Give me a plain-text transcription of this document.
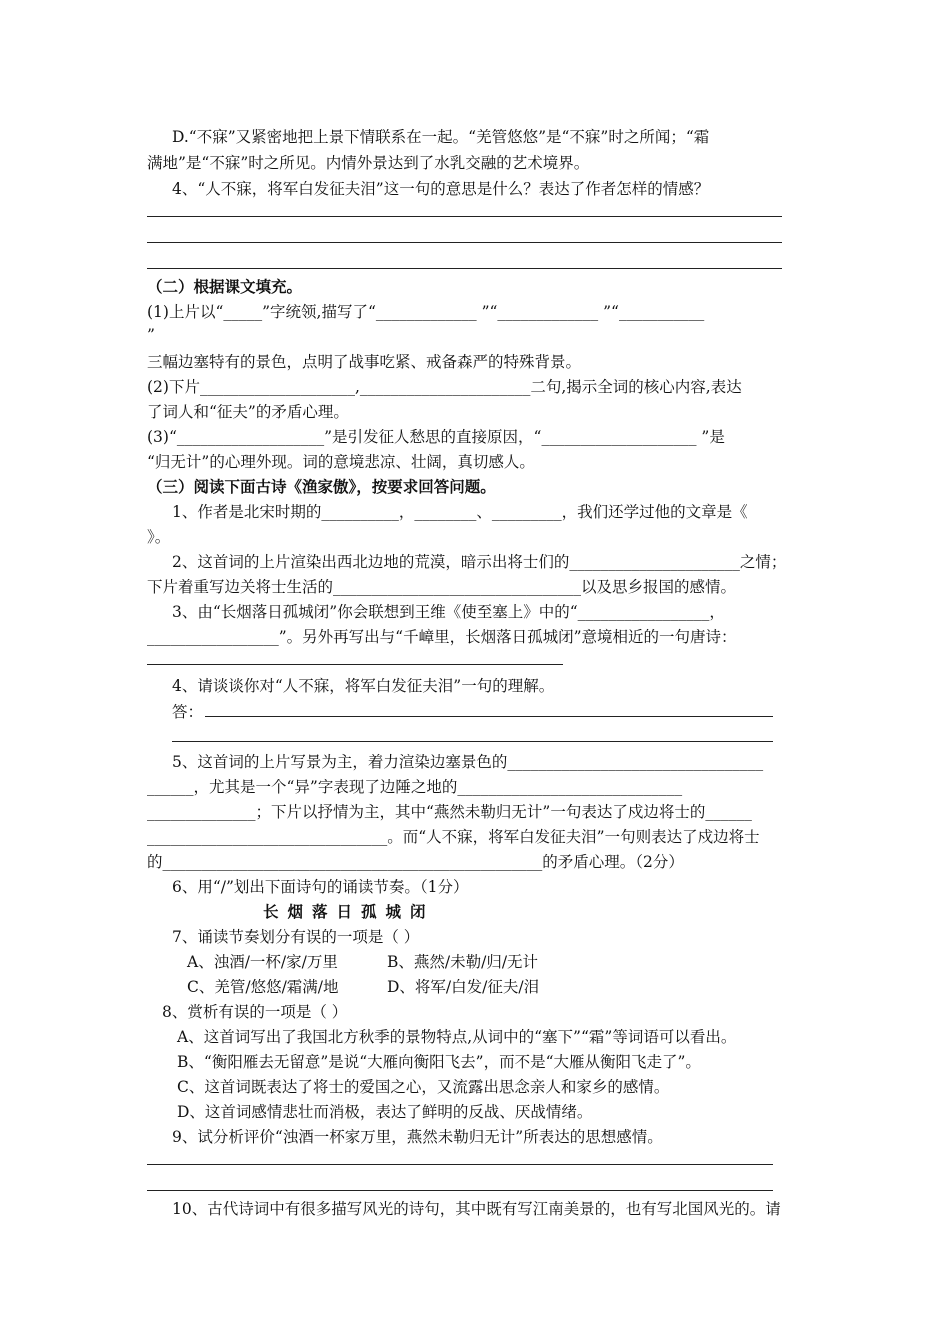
D.“不寐”又紧密地把上景下情联系在一起。“羌管悠悠”是“不寐”时之所闻；“霜
满地”是“不寐”时之所见。内情外景达到了水乳交融的艺术境界。
4、“人不寐，将军白发征夫泪”这一句的意思是什么？表达了作者怎样的情感？
（二）根据课文填充。
(1)上片以“_____”字统领,描写了“_____________ ”“_____________ ”“___________
”
三幅边塞特有的景色，点明了战事吃紧、戒备森严的特殊背景。
(2)下片____________________,______________________二句,揭示全词的核心内容,表达
了词人和“征夫”的矛盾心理。
(3)“___________________”是引发征人愁思的直接原因，“____________________ ”是
“归无计”的心理外现。词的意境悲凉、壮阔，真切感人。
（三）阅读下面古诗《渔家傲》，按要求回答问题。
1、作者是北宋时期的__________，________、_________，我们还学过他的文章是《
》。
2、这首词的上片渲染出西北边地的荒漠，暗示出将士们的______________________之情；
下片着重写边关将士生活的________________________________以及思乡报国的感情。
3、由“长烟落日孤城闭”你会联想到王维《使至塞上》中的“_________________，
_________________”。另外再写出与“千嶂里，长烟落日孤城闭”意境相近的一句唐诗：
4、请谈谈你对“人不寐，将军白发征夫泪”一句的理解。
答：
5、这首词的上片写景为主，着力渲染边塞景色的_________________________________
______，尤其是一个“异”字表现了边陲之地的_____________________________
______________；下片以抒情为主，其中“燕然未勒归无计”一句表达了戍边将士的______
_______________________________。而“人不寐，将军白发征夫泪”一句则表达了戍边将士
的_________________________________________________的矛盾心理。（2分）
6、用“/”划出下面诗句的诵读节奏。（1分）
长烟落日孤城闭
7、诵读节奏划分有误的一项是（ ）
A、浊酒/一杯/家/万里	B、燕然/未勒/归/无计
C、羌管/悠悠/霜满/地	D、将军/白发/征夫/泪
8、赏析有误的一项是（ ）
A、这首词写出了我国北方秋季的景物特点,从词中的“塞下”“霜”等词语可以看出。
B、“衡阳雁去无留意”是说“大雁向衡阳飞去”，而不是“大雁从衡阳飞走了”。
C、这首词既表达了将士的爱国之心，又流露出思念亲人和家乡的感情。
D、这首词感情悲壮而消极，表达了鲜明的反战、厌战情绪。
9、试分析评价“浊酒一杯家万里，燕然未勒归无计”所表达的思想感情。
10、古代诗词中有很多描写风光的诗句，其中既有写江南美景的，也有写北国风光的。请
